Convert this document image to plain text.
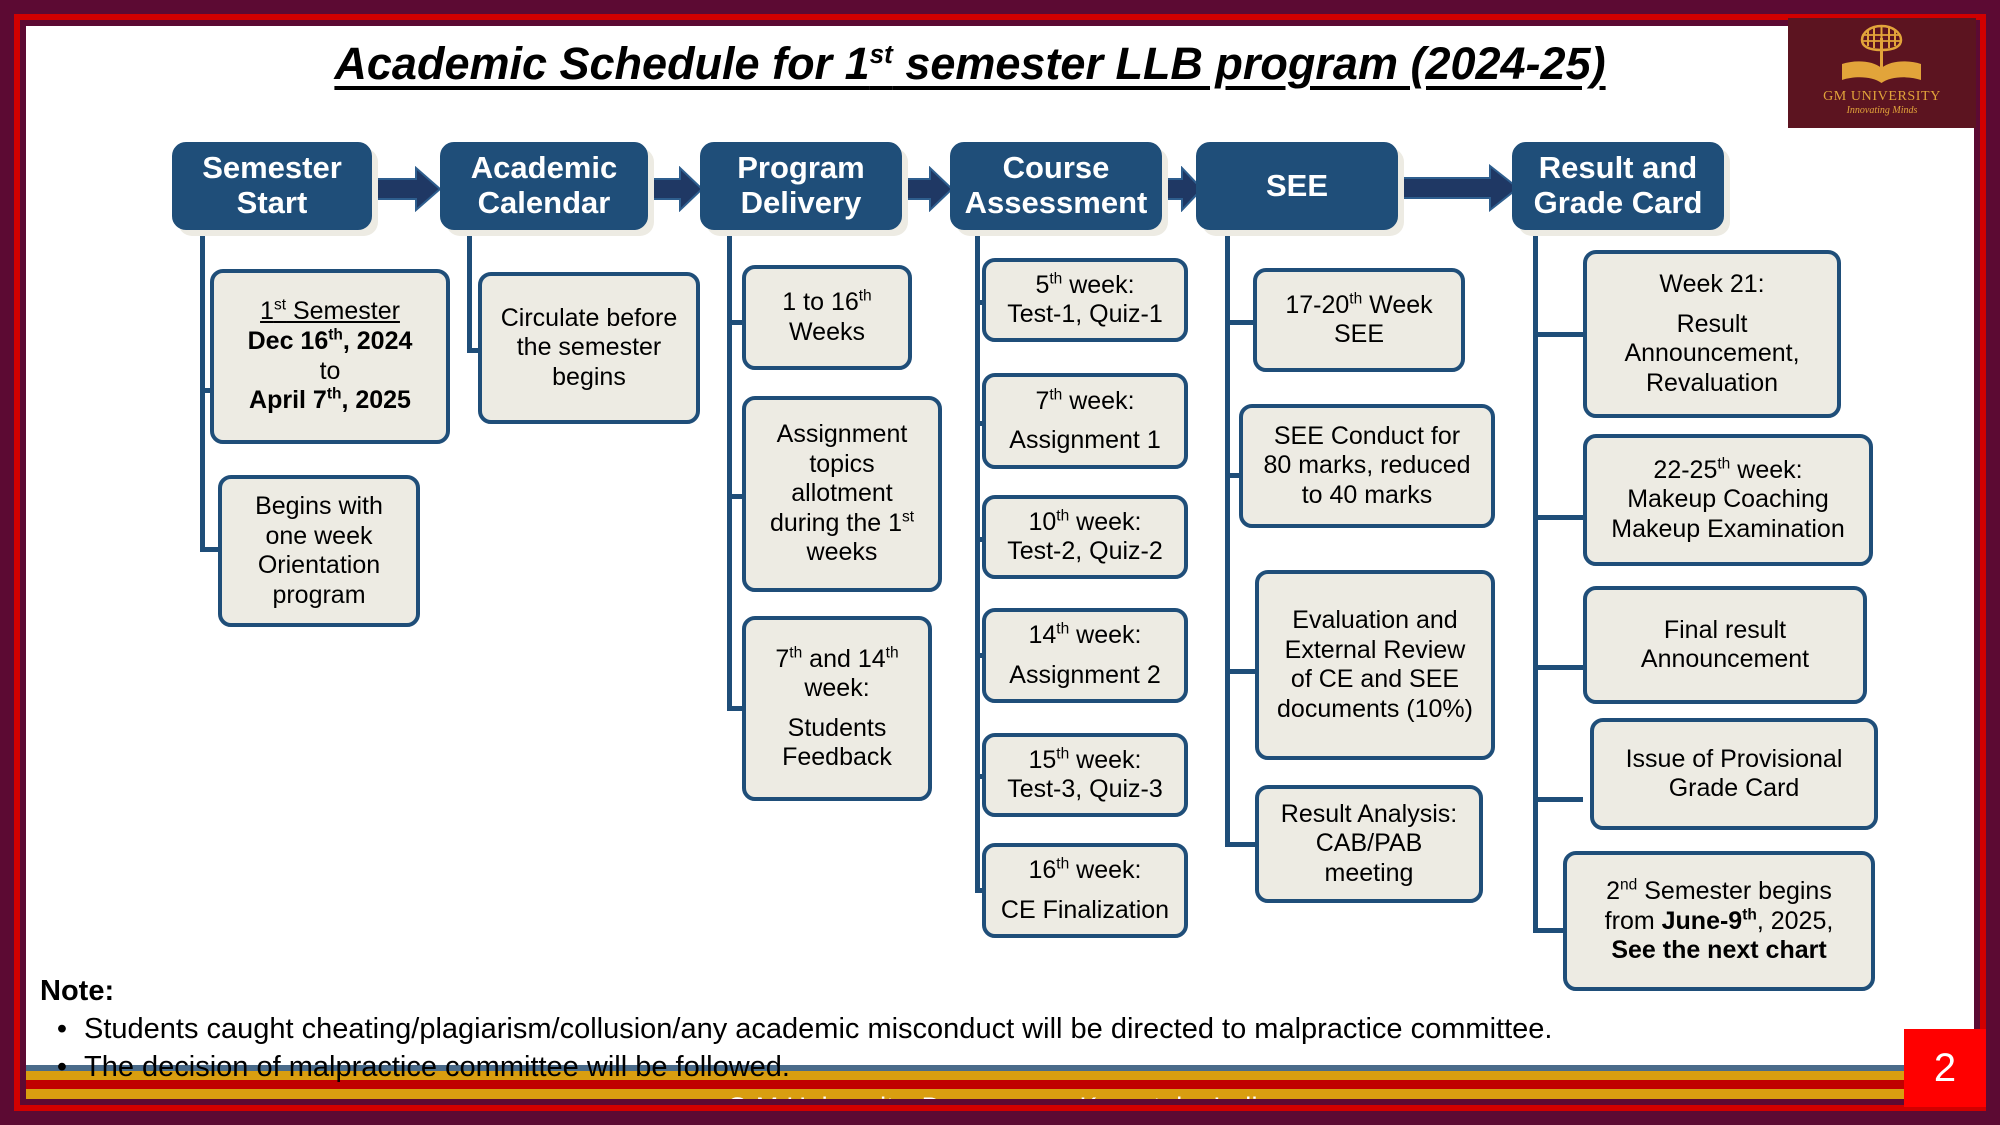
Academic Schedule for 1st semester LLB program (2024-25)
GM UNIVERSITY
Innovating Minds
Semester
Start
Academic
Calendar
Program
Delivery
Course
Assessment	SEE	Result and
Grade Card
1st Semester
Dec 16th, 2024
to
April 7th, 2025
Begins with
one week
Orientation
program
Circulate before
the semester
begins
1 to 16th
Weeks
Assignment
topics
allotment
during the 1st
weeks
7th and 14th
week:
Students
Feedback
5th week:
Test-1, Quiz-1
7th week:
Assignment 1
10th week:
Test-2, Quiz-2
14th week:
Assignment 2
15th week:
Test-3, Quiz-3
16th week:
CE Finalization
17-20th Week
SEE
SEE Conduct for
80 marks, reduced
to 40 marks
Evaluation and
External Review
of CE and SEE
documents (10%)
Result Analysis:
CAB/PAB
meeting
Week 21:
Result
Announcement,
Revaluation
22-25th week:
Makeup Coaching
Makeup Examination
Final result
Announcement
Issue of Provisional
Grade Card
2nd Semester begins
from June-9th, 2025,
See the next chart
Note:
• Students caught cheating/plagiarism/collusion/any academic misconduct will be directed to malpractice committee.
• The decision of malpractice committee will be followed.
G M University, Davanagere Karnataka India
2
